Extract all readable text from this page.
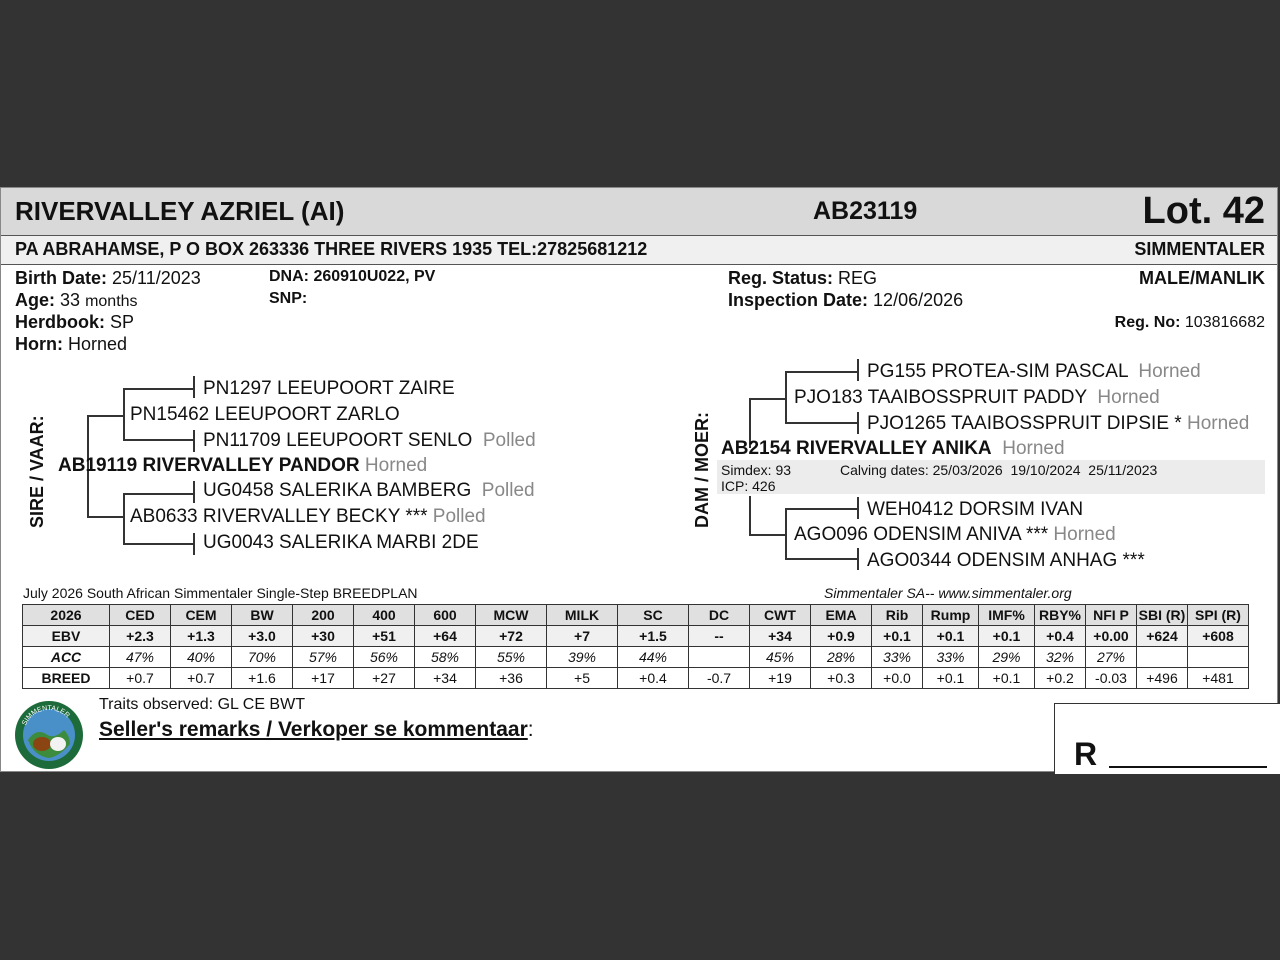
RIVERVALLEY AZRIEL (AI)	AB23119	Lot. 42
PA ABRAHAMSE, P O BOX 263336 THREE RIVERS 1935 TEL:27825681212	SIMMENTALER
Birth Date: 25/11/2023
Age: 33 months
Herdbook: SP
Horn: Horned
DNA: 260910U022, PV
SNP:
Reg. Status: REG
Inspection Date: 12/06/2026
MALE/MANLIK
Reg. No: 103816682
SIRE / VAAR:
PN1297 LEEUPOORT ZAIRE
PN15462 LEEUPOORT ZARLO
PN11709 LEEUPOORT SENLO Polled
AB19119 RIVERVALLEY PANDOR Horned
UG0458 SALERIKA BAMBERG Polled
AB0633 RIVERVALLEY BECKY *** Polled
UG0043 SALERIKA MARBI 2DE
DAM / MOER:
PG155 PROTEA-SIM PASCAL Horned
PJO183 TAAIBOSSPRUIT PADDY Horned
PJO1265 TAAIBOSSPRUIT DIPSIE * Horned
AB2154 RIVERVALLEY ANIKA Horned
Simdex: 93
ICP: 426
Calving dates: 25/03/2026  19/10/2024  25/11/2023
WEH0412 DORSIM IVAN
AGO096 ODENSIM ANIVA *** Horned
AGO0344 ODENSIM ANHAG ***
July 2026 South African Simmentaler Single-Step BREEDPLAN	Simmentaler SA-- www.simmentaler.org
2026	CED	CEM	BW	200	400	600	MCW	MILK	SC	DC	CWT	EMA	Rib	Rump	IMF%	RBY%	NFI P	SBI (R)	SPI (R)
EBV	+2.3	+1.3	+3.0	+30	+51	+64	+72	+7	+1.5	--	+34	+0.9	+0.1	+0.1	+0.1	+0.4	+0.00	+624	+608
ACC	47%	40%	70%	57%	56%	58%	55%	39%	44%		45%	28%	33%	33%	29%	32%	27%		
BREED	+0.7	+0.7	+1.6	+17	+27	+34	+36	+5	+0.4	-0.7	+19	+0.3	+0.0	+0.1	+0.1	+0.2	-0.03	+496	+481
SIMMENTALER
Traits observed: GL CE BWT
Seller's remarks / Verkoper se kommentaar:
R
